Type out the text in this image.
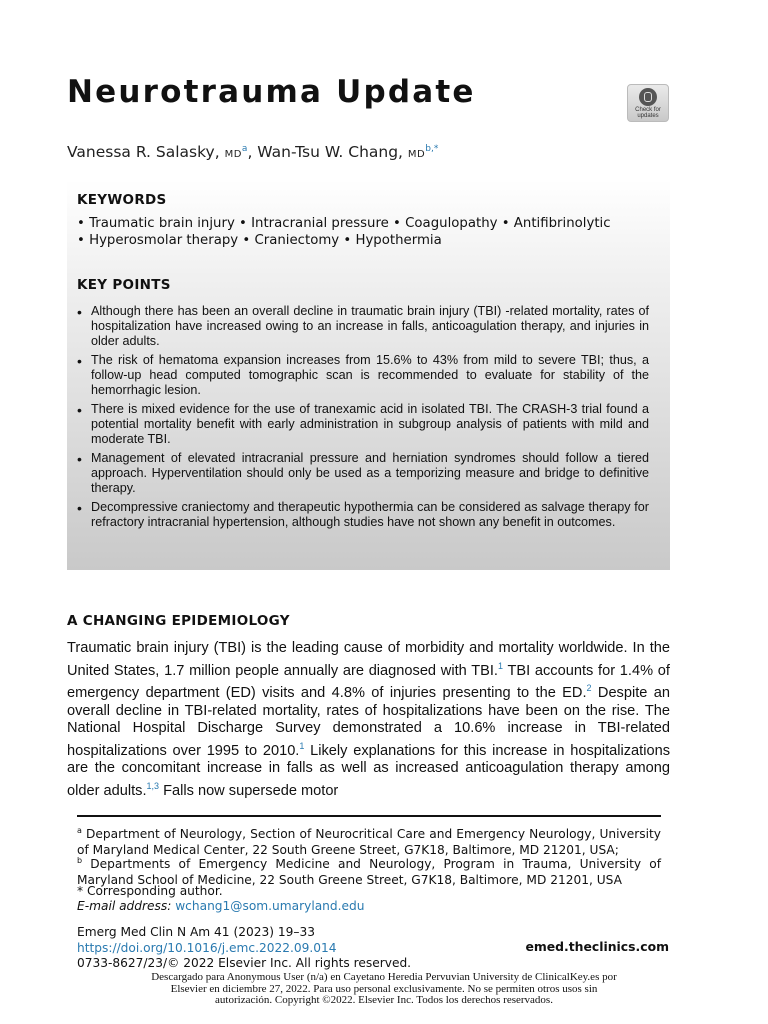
Neurotrauma Update	Check for
updates
Vanessa R. Salasky, $MD^a$, Wan-Tsu W. Chang, $MD^{b,*}$
KEYWORDS
• Traumatic brain injury • Intracranial pressure • Coagulopathy • Antifibrinolytic
• Hyperosmolar therapy • Craniectomy • Hypothermia
KEY POINTS
• Although there has been an overall decline in traumatic brain injury (TBI) -related mortality, rates of hospitalization have increased owing to an increase in falls, anticoagulation therapy, and injuries in older adults.
• The risk of hematoma expansion increases from 15.6% to 43% from mild to severe TBI; thus, a follow-up head computed tomographic scan is recommended to evaluate for stability of the hemorrhagic lesion.
• There is mixed evidence for the use of tranexamic acid in isolated TBI. The CRASH-3 trial found a potential mortality benefit with early administration in subgroup analysis of patients with mild and moderate TBI.
• Management of elevated intracranial pressure and herniation syndromes should follow a tiered approach. Hyperventilation should only be used as a temporizing measure and bridge to definitive therapy.
• Decompressive craniectomy and therapeutic hypothermia can be considered as salvage therapy for refractory intracranial hypertension, although studies have not shown any benefit in outcomes.
A CHANGING EPIDEMIOLOGY

Traumatic brain injury (TBI) is the leading cause of morbidity and mortality worldwide. In the United States, 1.7 million people annually are diagnosed with TBI.$^1$ TBI accounts for 1.4% of emergency department (ED) visits and 4.8% of injuries presenting to the ED.$^2$ Despite an overall decline in TBI-related mortality, rates of hospitalizations have been on the rise. The National Hospital Discharge Survey demonstrated a 10.6% increase in TBI-related hospitalizations over 1995 to 2010.$^1$ Likely explanations for this increase in hospitalizations are the concomitant increase in falls as well as increased anticoagulation therapy among older adults.$^{1,3}$ Falls now supersede motor

$^a$ Department of Neurology, Section of Neurocritical Care and Emergency Neurology, University of Maryland Medical Center, 22 South Greene Street, G7K18, Baltimore, MD 21201, USA;
$^b$ Departments of Emergency Medicine and Neurology, Program in Trauma, University of Maryland School of Medicine, 22 South Greene Street, G7K18, Baltimore, MD 21201, USA
* Corresponding author.
E-mail address: wchang1@som.umaryland.edu
Emerg Med Clin N Am 41 (2023) 19–33
https://doi.org/10.1016/j.emc.2022.09.014
0733-8627/23/© 2022 Elsevier Inc. All rights reserved.
emed.theclinics.com
Descargado para Anonymous User (n/a) en Cayetano Heredia Pervuvian University de ClinicalKey.es por Elsevier en diciembre 27, 2022. Para uso personal exclusivamente. No se permiten otros usos sin autorización. Copyright ©2022. Elsevier Inc. Todos los derechos reservados.
